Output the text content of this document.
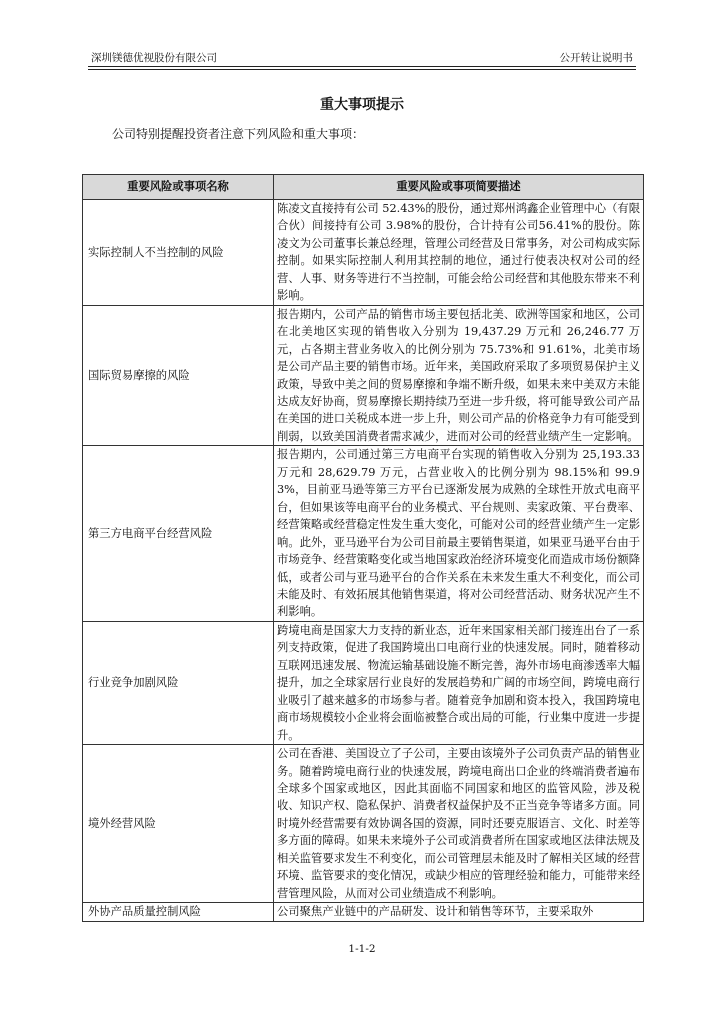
深圳镁德优视股份有限公司	公开转让说明书
重大事项提示
公司特别提醒投资者注意下列风险和重大事项：
重要风险或事项名称	重要风险或事项简要描述
实际控制人不当控制的风险	陈凌文直接持有公司 52.43%的股份，通过郑州鸿鑫企业管理中心（有限合伙）间接持有公司 3.98%的股份，合计持有公司56.41%的股份。陈凌文为公司董事长兼总经理，管理公司经营及日常事务，对公司构成实际控制。如果实际控制人利用其控制的地位，通过行使表决权对公司的经营、人事、财务等进行不当控制，可能会给公司经营和其他股东带来不利影响。
国际贸易摩擦的风险	报告期内，公司产品的销售市场主要包括北美、欧洲等国家和地区，公司在北美地区实现的销售收入分别为 19,437.29 万元和 26,246.77 万元，占各期主营业务收入的比例分别为 75.73%和 91.61%，北美市场是公司产品主要的销售市场。近年来，美国政府采取了多项贸易保护主义政策，导致中美之间的贸易摩擦和争端不断升级，如果未来中美双方未能达成友好协商，贸易摩擦长期持续乃至进一步升级，将可能导致公司产品在美国的进口关税成本进一步上升，则公司产品的价格竞争力有可能受到削弱，以致美国消费者需求减少，进而对公司的经营业绩产生一定影响。
第三方电商平台经营风险	报告期内，公司通过第三方电商平台实现的销售收入分别为 25,193.33 万元和 28,629.79 万元，占营业收入的比例分别为 98.15%和 99.93%，目前亚马逊等第三方平台已逐渐发展为成熟的全球性开放式电商平台，但如果该等电商平台的业务模式、平台规则、卖家政策、平台费率、经营策略或经营稳定性发生重大变化，可能对公司的经营业绩产生一定影响。此外，亚马逊平台为公司目前最主要销售渠道，如果亚马逊平台由于市场竞争、经营策略变化或当地国家政治经济环境变化而造成市场份额降低，或者公司与亚马逊平台的合作关系在未来发生重大不利变化，而公司未能及时、有效拓展其他销售渠道，将对公司经营活动、财务状况产生不利影响。
行业竞争加剧风险	跨境电商是国家大力支持的新业态，近年来国家相关部门接连出台了一系列支持政策，促进了我国跨境出口电商行业的快速发展。同时，随着移动互联网迅速发展、物流运输基础设施不断完善，海外市场电商渗透率大幅提升，加之全球家居行业良好的发展趋势和广阔的市场空间，跨境电商行业吸引了越来越多的市场参与者。随着竞争加剧和资本投入，我国跨境电商市场规模较小企业将会面临被整合或出局的可能，行业集中度进一步提升。
境外经营风险	公司在香港、美国设立了子公司，主要由该境外子公司负责产品的销售业务。随着跨境电商行业的快速发展，跨境电商出口企业的终端消费者遍布全球多个国家或地区，因此其面临不同国家和地区的监管风险，涉及税收、知识产权、隐私保护、消费者权益保护及不正当竞争等诸多方面。同时境外经营需要有效协调各国的资源，同时还要克服语言、文化、时差等多方面的障碍。如果未来境外子公司或消费者所在国家或地区法律法规及相关监管要求发生不利变化，而公司管理层未能及时了解相关区域的经营环境、监管要求的变化情况，或缺少相应的管理经验和能力，可能带来经营管理风险，从而对公司业绩造成不利影响。
外协产品质量控制风险	公司聚焦产业链中的产品研发、设计和销售等环节，主要采取外
1-1-2
